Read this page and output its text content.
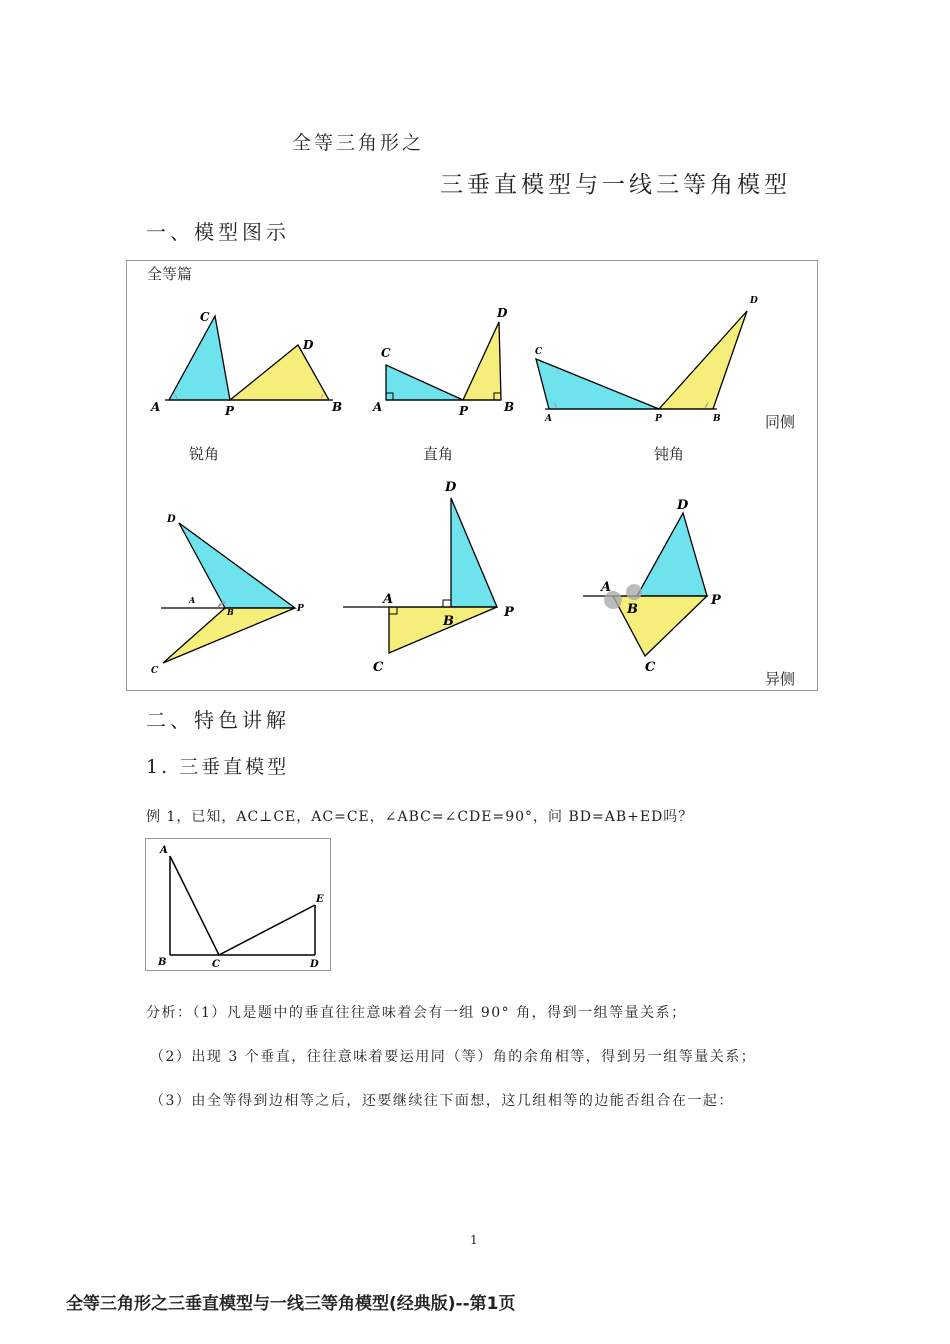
全等三角形之
三垂直模型与一线三等角模型
一、模型图示
全等篇
同侧
异侧
锐角	直角	钝角
A
C
P
D
B	A
C
P
D
B
C
A	P	B
D
D
A
B	P
C
D
A
B
P
C
A
B
D
P
C
二、特色讲解
1. 三垂直模型
例 1，已知，AC⊥CE，AC=CE，∠ABC=∠CDE=90°，问 BD=AB+ED吗？
A
B	C	D
E
分析：（1）凡是题中的垂直往往意味着会有一组 90° 角，得到一组等量关系；
（2）出现 3 个垂直，往往意味着要运用同（等）角的余角相等，得到另一组等量关系；
（3）由全等得到边相等之后，还要继续往下面想，这几组相等的边能否组合在一起：
1
全等三角形之三垂直模型与一线三等角模型(经典版)--第1页
